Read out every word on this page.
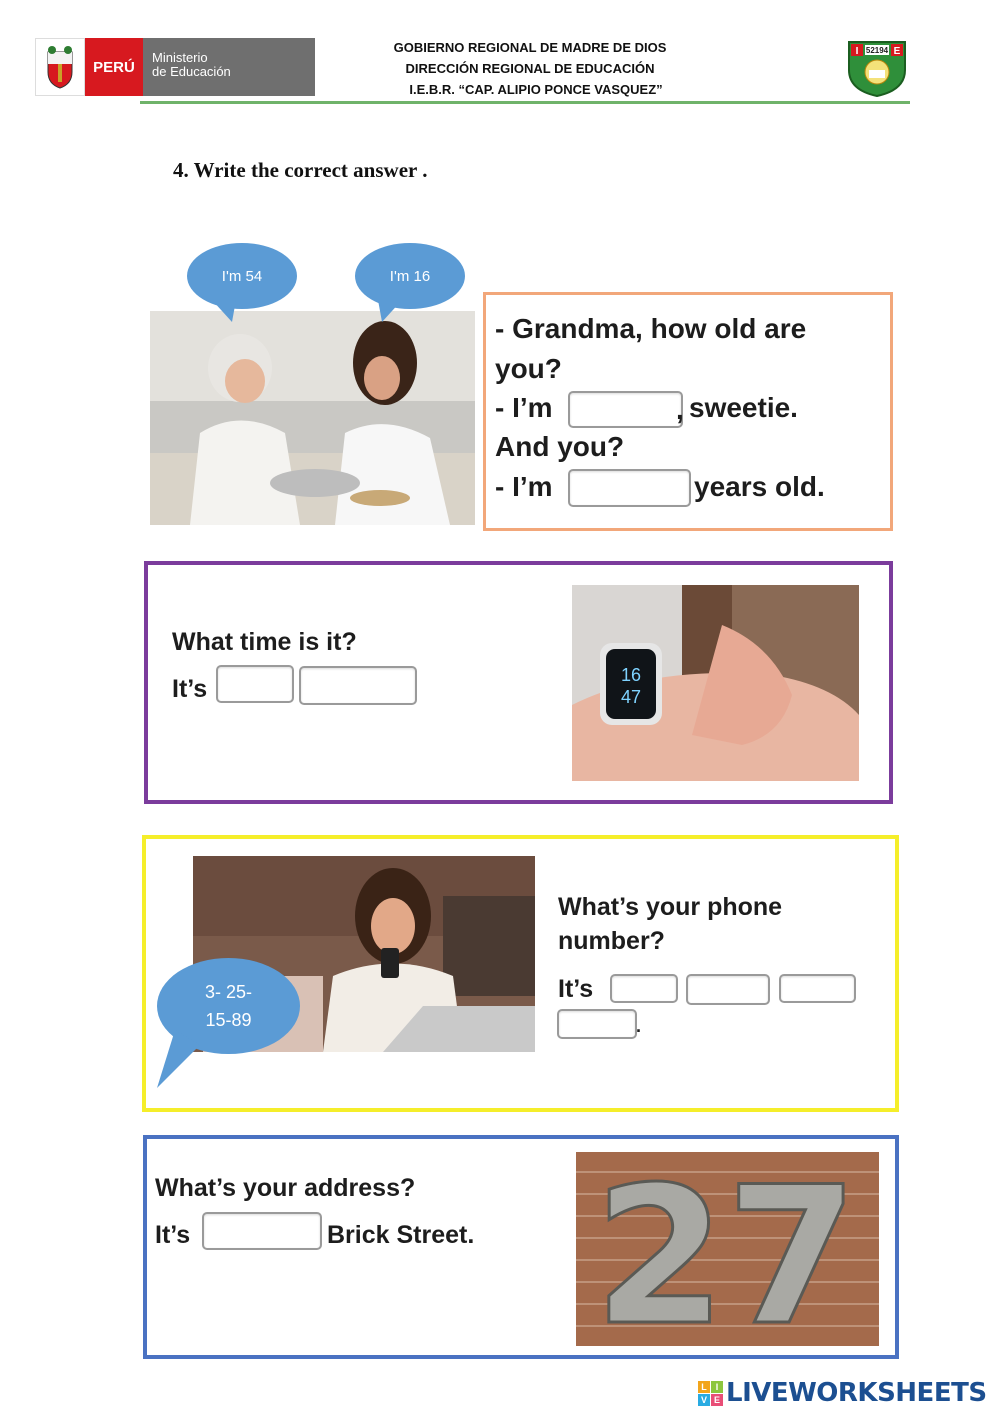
PERÚ
Ministerio
de Educación
GOBIERNO REGIONAL DE MADRE DE DIOS
DIRECCIÓN REGIONAL DE EDUCACIÓN
I.E.B.R. “CAP. ALIPIO PONCE VASQUEZ”
I	E
52194
4. Write the correct answer .
I'm 54	I'm 16
- Grandma, how old are
you?
- I’m	, sweetie.
And you?
- I’m	years old.
What time is it?
It’s	16
47
3- 25-
15-89
What’s your phone
number?
It’s
.
What’s your address?
It’s	Brick Street. 27
L I
V E LIVEWORKSHEETS
